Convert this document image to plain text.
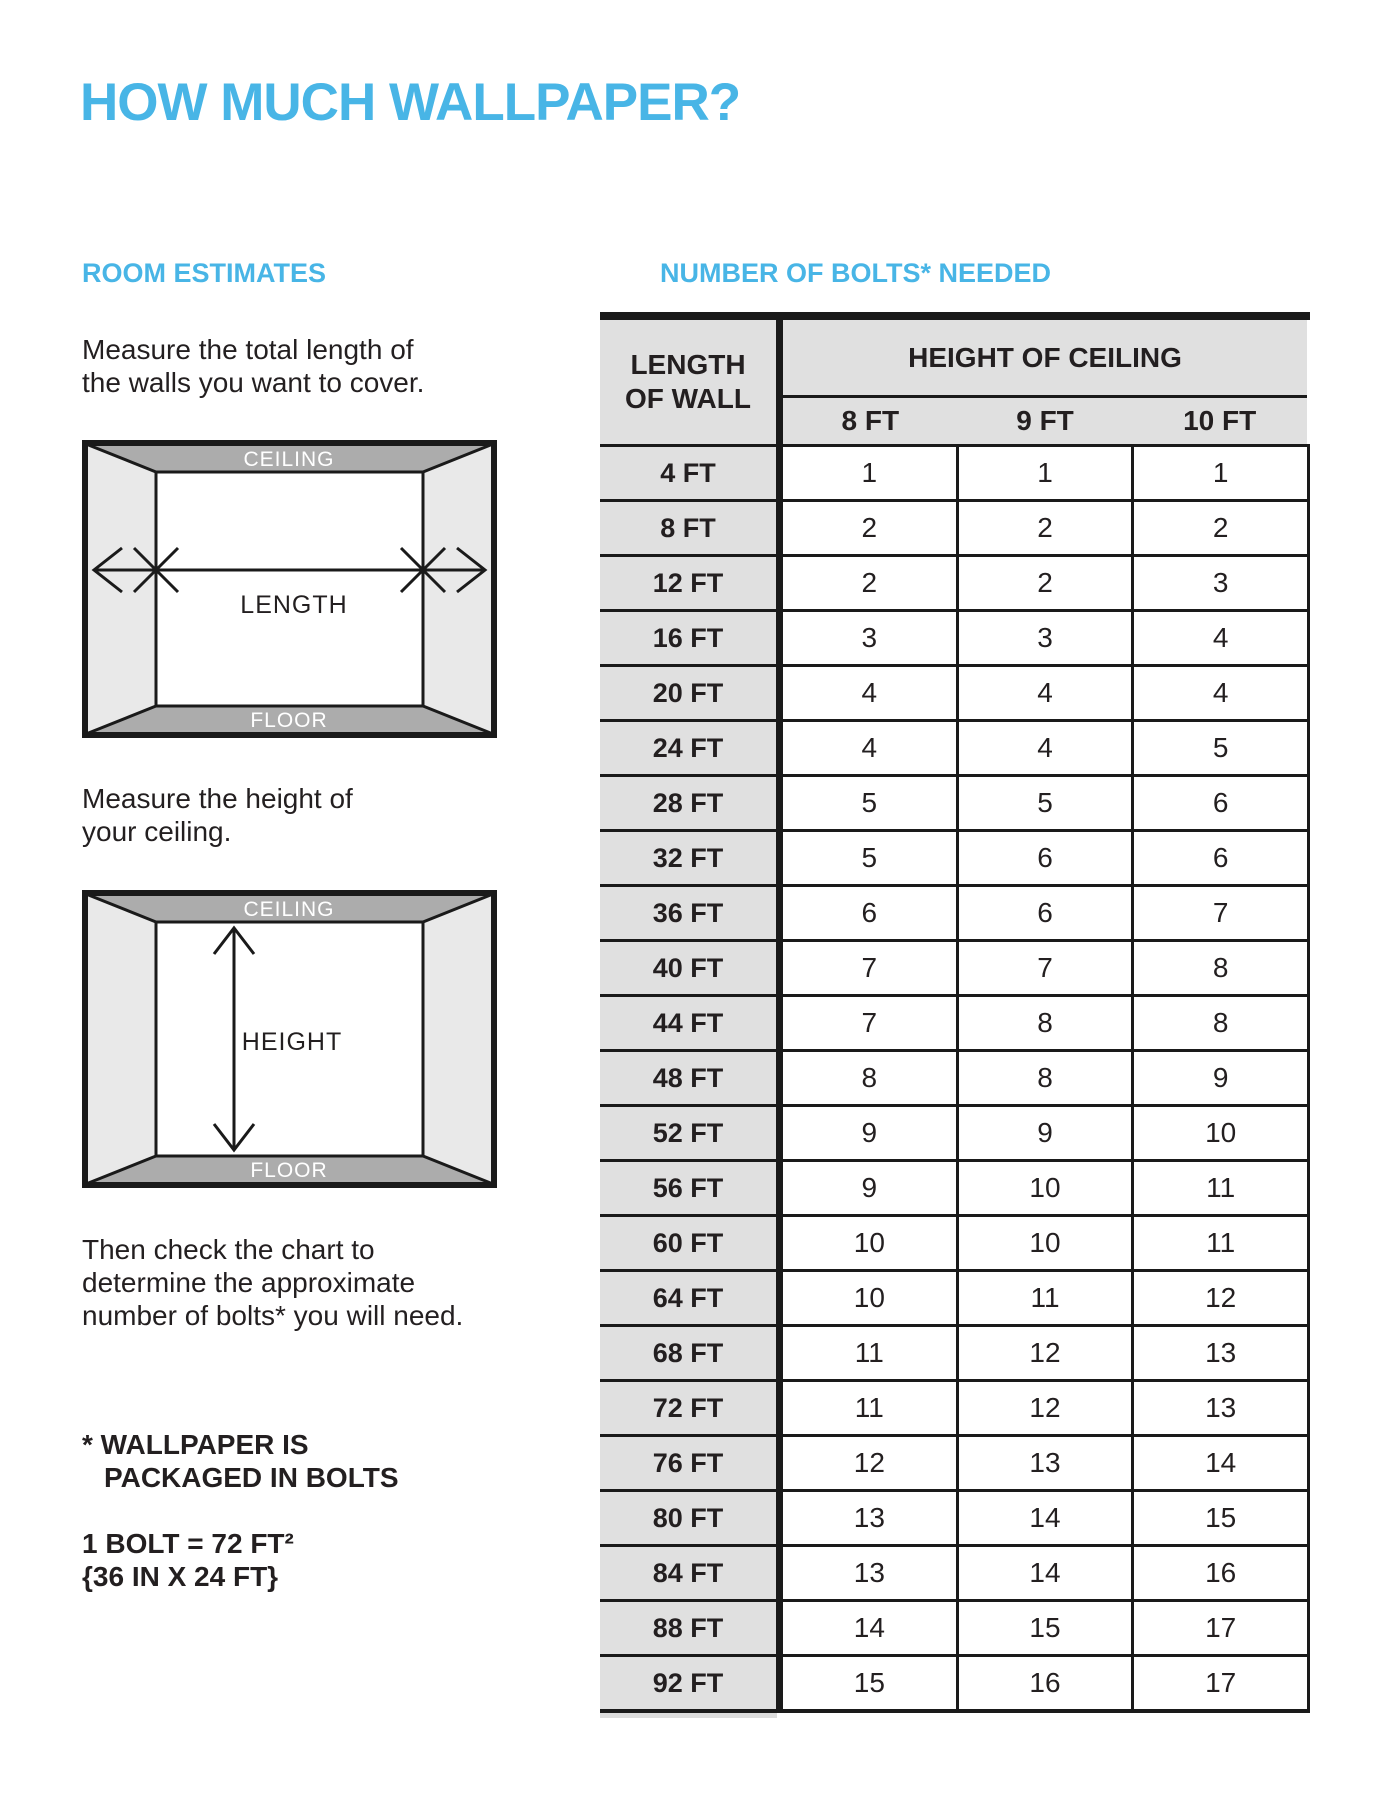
HOW MUCH WALLPAPER?
ROOM ESTIMATES	NUMBER OF BOLTS* NEEDED
Measure the total length of
the walls you want to cover.
CEILING
FLOOR
LENGTH
Measure the height of
your ceiling.
CEILING
FLOOR
HEIGHT
Then check the chart to
determine the approximate
number of bolts* you will need.
* WALLPAPER IS
PACKAGED IN BOLTS
1 BOLT = 72 FT²
{36 IN X 24 FT}
LENGTH
OF WALL
HEIGHT OF CEILING
8 FT	9 FT	10 FT
4 FT	1	1	1
8 FT	2	2	2
12 FT	2	2	3
16 FT	3	3	4
20 FT	4	4	4
24 FT	4	4	5
28 FT	5	5	6
32 FT	5	6	6
36 FT	6	6	7
40 FT	7	7	8
44 FT	7	8	8
48 FT	8	8	9
52 FT	9	9	10
56 FT	9	10	11
60 FT	10	10	11
64 FT	10	11	12
68 FT	11	12	13
72 FT	11	12	13
76 FT	12	13	14
80 FT	13	14	15
84 FT	13	14	16
88 FT	14	15	17
92 FT	15	16	17
